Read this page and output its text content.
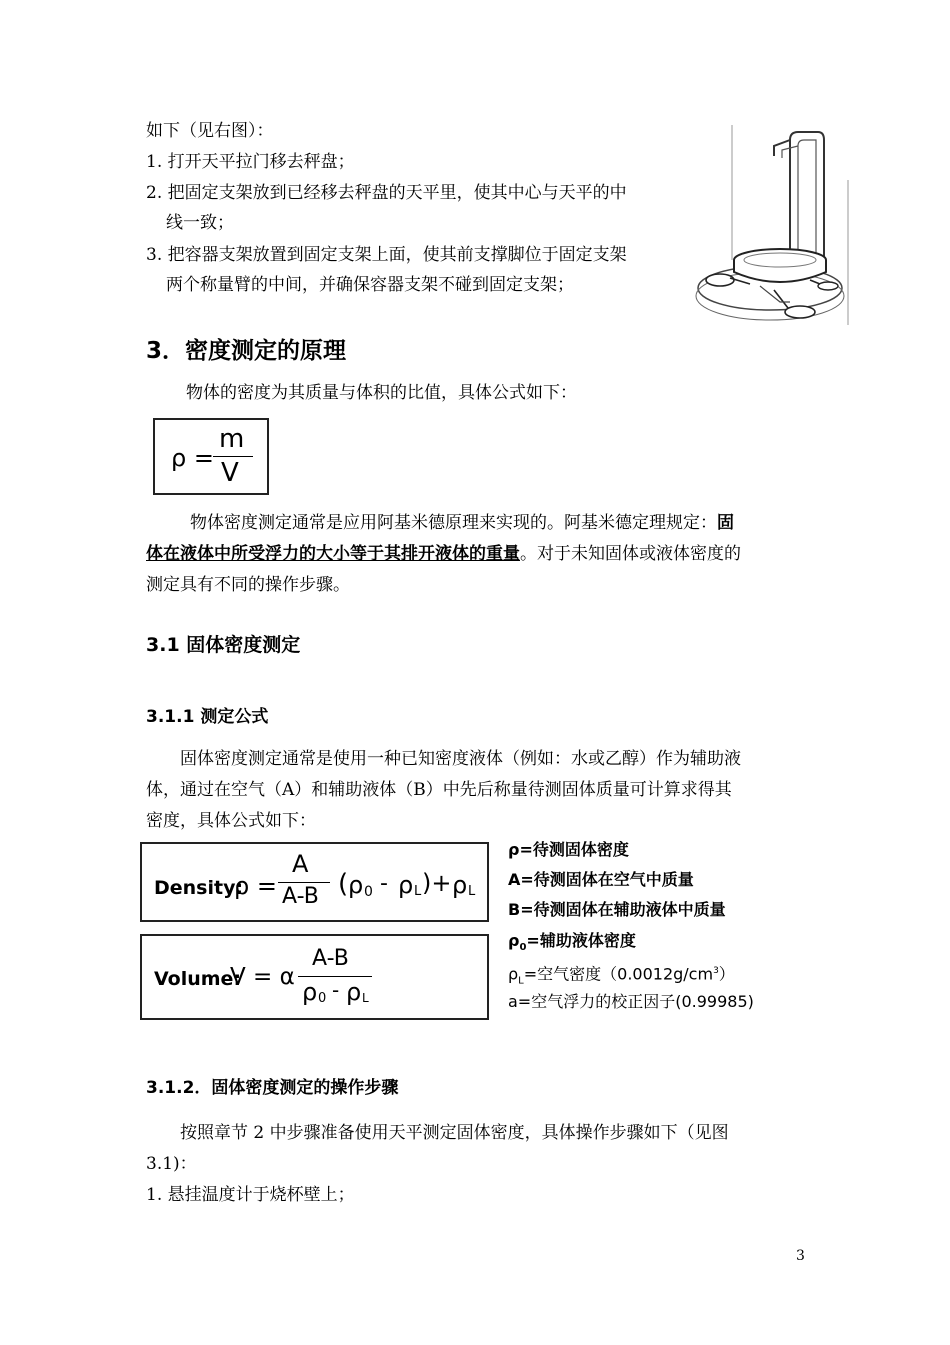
如下（见右图）：
1. 打开天平拉门移去秤盘；
2. 把固定支架放到已经移去秤盘的天平里，使其中心与天平的中
线一致；
3. 把容器支架放置到固定支架上面，使其前支撑脚位于固定支架
两个称量臂的中间，并确保容器支架不碰到固定支架；
3．密度测定的原理
物体的密度为其质量与体积的比值，具体公式如下：
ρ =
m
V
物体密度测定通常是应用阿基米德原理来实现的。阿基米德定理规定：固
体在液体中所受浮力的大小等于其排开液体的重量。对于未知固体或液体密度的
测定具有不同的操作步骤。
3.1 固体密度测定
3.1.1 测定公式
固体密度测定通常是使用一种已知密度液体（例如：水或乙醇）作为辅助液
体，通过在空气（A）和辅助液体（B）中先后称量待测固体质量可计算求得其
密度，具体公式如下：
Density:
ρ =
A
A-B ( ρ 0 - ρ L )+ ρ L
Volume:
V = α
A-B
ρ 0 - ρ L
ρ=待测固体密度
A=待测固体在空气中质量
B=待测固体在辅助液体中质量
$\rho_0=$辅助液体密度
$\rho_L=$空气密度$(0.0012g/cm^3)$
a=空气浮力的校正因子(0.99985)
3.1.2．固体密度测定的操作步骤
按照章节 2 中步骤准备使用天平测定固体密度，具体操作步骤如下（见图
3.1)：
1. 悬挂温度计于烧杯壁上；
3
